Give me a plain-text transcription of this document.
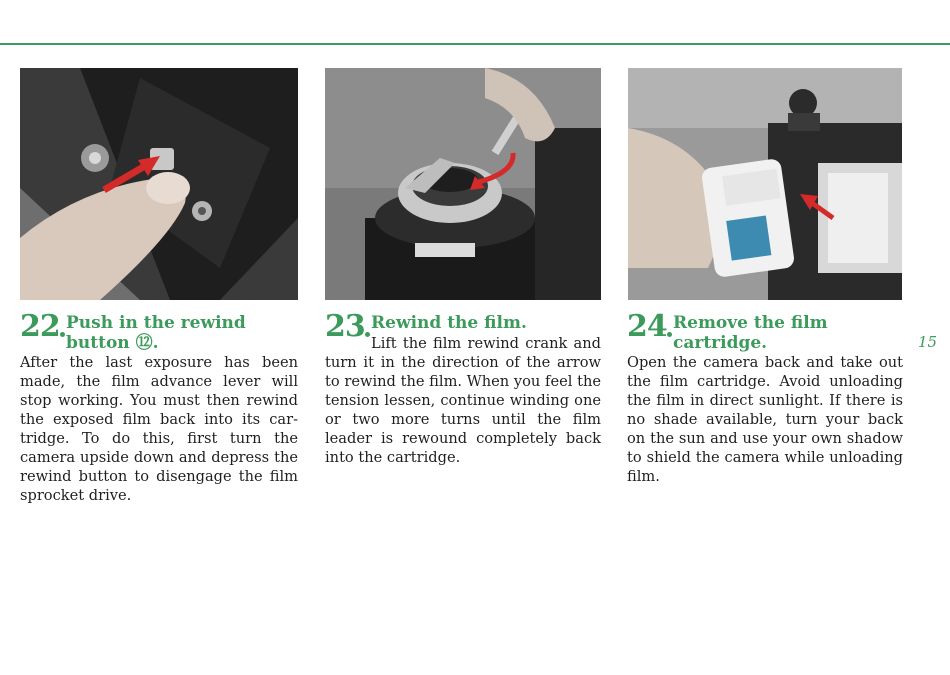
22 Push in the rewind
button ⑫.

After the last exposure has been made, the film advance lever will stop working. You must then rewind the exposed film back into its car-tridge. To do this, first turn the camera upside down and depress the rewind button to disengage the film sprocket drive.

23 Rewind the film.

Lift the film rewind crank and turn it in the direction of the arrow to rewind the film. When you feel the tension lessen, continue winding one or two more turns until the film leader is rewound completely back into the cartridge.

24 Remove the film
cartridge.

Open the camera back and take out the film cartridge. Avoid unloading the film in direct sunlight. If there is no shade available, turn your back on the sun and use your own shadow to shield the camera while unloading film.

15
